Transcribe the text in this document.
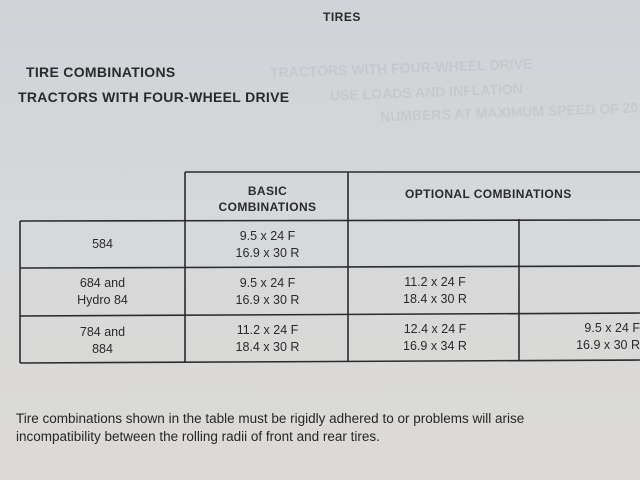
TRACTORS WITH FOUR-WHEEL DRIVE
USE LOADS AND INFLATION
NUMBERS AT MAXIMUM SPEED OF 20
TIRES
TIRE COMBINATIONS
TRACTORS WITH FOUR-WHEEL DRIVE
BASIC COMBINATIONS
OPTIONAL COMBINATIONS
584
9.5 x 24 F
16.9 x 30 R
684 and
Hydro 84
9.5 x 24 F
16.9 x 30 R
11.2 x 24 F
18.4 x 30 R
784 and
884
11.2 x 24 F
18.4 x 30 R
12.4 x 24 F
16.9 x 34 R
9.5 x 24 F
16.9 x 30 R
Tire combinations shown in the table must be rigidly adhered to or problems will arise
incompatibility between the rolling radii of front and rear tires.
